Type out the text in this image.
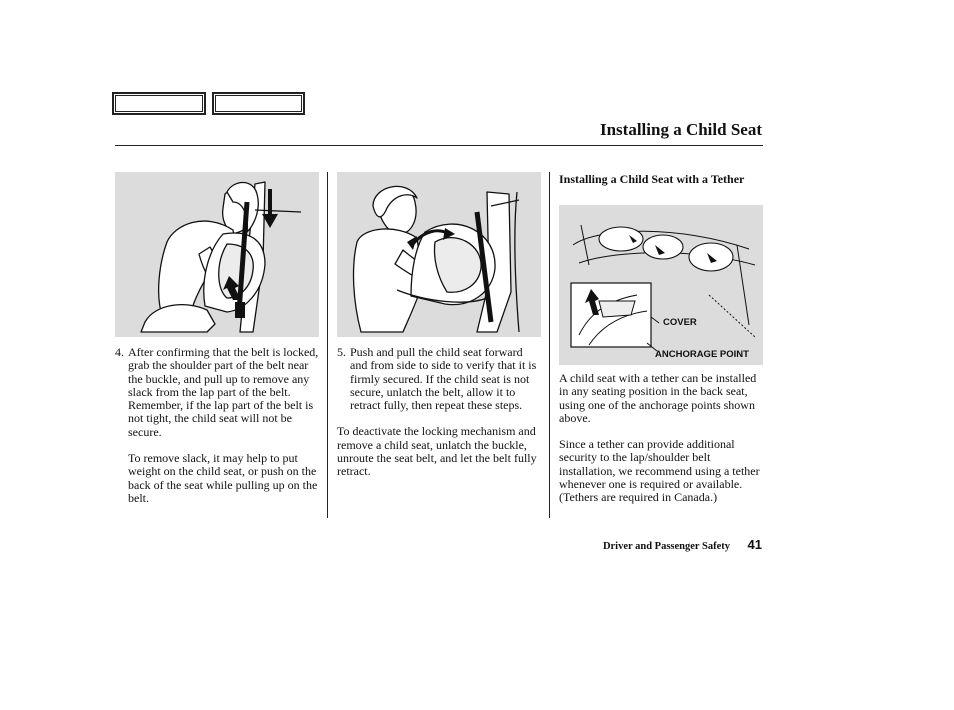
Installing a Child Seat
COVER
ANCHORAGE POINT
4. After confirming that the belt is locked, grab the shoulder part of the belt near the buckle, and pull up to remove any slack from the lap part of the belt. Remember, if the lap part of the belt is not tight, the child seat will not be secure.

To remove slack, it may help to put weight on the child seat, or push on the back of the seat while pulling up on the belt.

5. Push and pull the child seat forward and from side to side to verify that it is firmly secured. If the child seat is not secure, unlatch the belt, allow it to retract fully, then repeat these steps.

To deactivate the locking mechanism and remove a child seat, unlatch the buckle, unroute the seat belt, and let the belt fully retract.

Installing a Child Seat with a Tether

A child seat with a tether can be installed in any seating position in the back seat, using one of the anchorage points shown above.

Since a tether can provide additional security to the lap/shoulder belt installation, we recommend using a tether whenever one is required or available. (Tethers are required in Canada.)

Driver and Passenger Safety 41
